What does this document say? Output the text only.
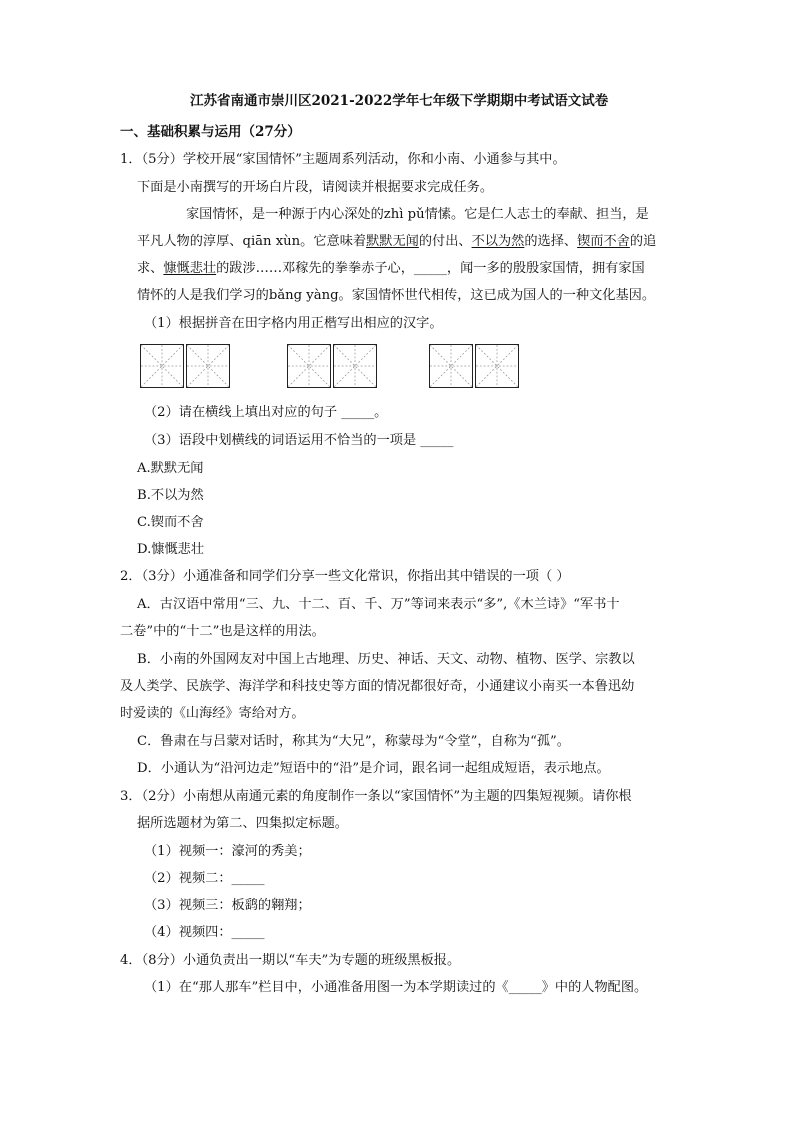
江苏省南通市崇川区2021-2022学年七年级下学期期中考试语文试卷
一、基础积累与运用（27分）
1．（5分）学校开展“家国情怀”主题周系列活动，你和小南、小通参与其中。
下面是小南撰写的开场白片段，请阅读并根据要求完成任务。
家国情怀，是一种源于内心深处的zhì pǔ情愫。它是仁人志士的奉献、担当，是
平凡人物的淳厚、qiān xùn。它意味着默默无闻的付出、不以为然的选择、锲而不舍的追
求、慷慨悲壮的跋涉……邓稼先的拳拳赤子心，_____，闻一多的殷殷家国情，拥有家国
情怀的人是我们学习的bǎng yàng。家国情怀世代相传，这已成为国人的一种文化基因。
（1）根据拼音在田字格内用正楷写出相应的汉字。
（2）请在横线上填出对应的句子 _____。
（3）语段中划横线的词语运用不恰当的一项是 _____
A.默默无闻
B.不以为然
C.锲而不舍
D.慷慨悲壮
2．（3分）小通准备和同学们分享一些文化常识，你指出其中错误的一项（ ）
A．古汉语中常用“三、九、十二、百、千、万”等词来表示“多”,《木兰诗》“军书十
二卷”中的“十二”也是这样的用法。
B．小南的外国网友对中国上古地理、历史、神话、天文、动物、植物、医学、宗教以
及人类学、民族学、海洋学和科技史等方面的情况都很好奇，小通建议小南买一本鲁迅幼
时爱读的《山海经》寄给对方。
C．鲁肃在与吕蒙对话时，称其为“大兄”，称蒙母为“令堂”，自称为“孤”。
D．小通认为“沿河边走”短语中的“沿”是介词，跟名词一起组成短语，表示地点。
3．（2分）小南想从南通元素的角度制作一条以“家国情怀”为主题的四集短视频。请你根
据所选题材为第二、四集拟定标题。
（1）视频一：濠河的秀美；
（2）视频二：_____
（3）视频三：板鹞的翱翔；
（4）视频四：_____
4．（8分）小通负责出一期以“车夫”为专题的班级黑板报。
（1）在“那人那车”栏目中，小通准备用图一为本学期读过的《_____》中的人物配图。
